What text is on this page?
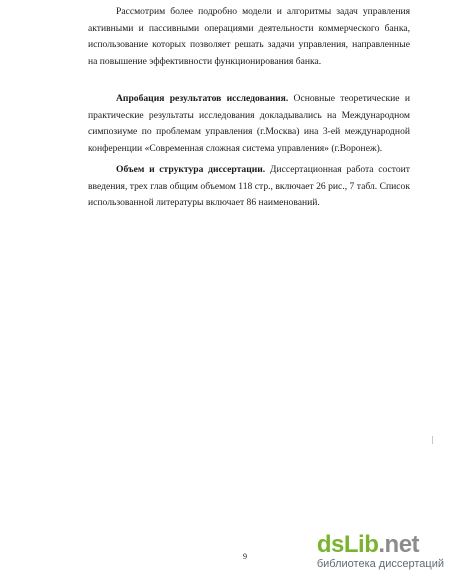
Рассмотрим более подробно модели и алгоритмы задач управления активными и пассивными операциями деятельности коммерческого банка, использование которых позволяет решать задачи управления, направленные на повышение эффективности функционирования банка.

Апробация результатов исследования. Основные теоретические и практические результаты исследования докладывались на Международном симпозиуме по проблемам управления (г.Москва) ина 3-ей международной конференции «Современная сложная система управления» (г.Воронеж).

Объем и структура диссертации. Диссертационная работа состоит введения, трех глав общим объемом 118 стр., включает 26 рис., 7 табл. Список использованной литературы включает 86 наименований.

9	dsLib.net
библиотека диссертаций
